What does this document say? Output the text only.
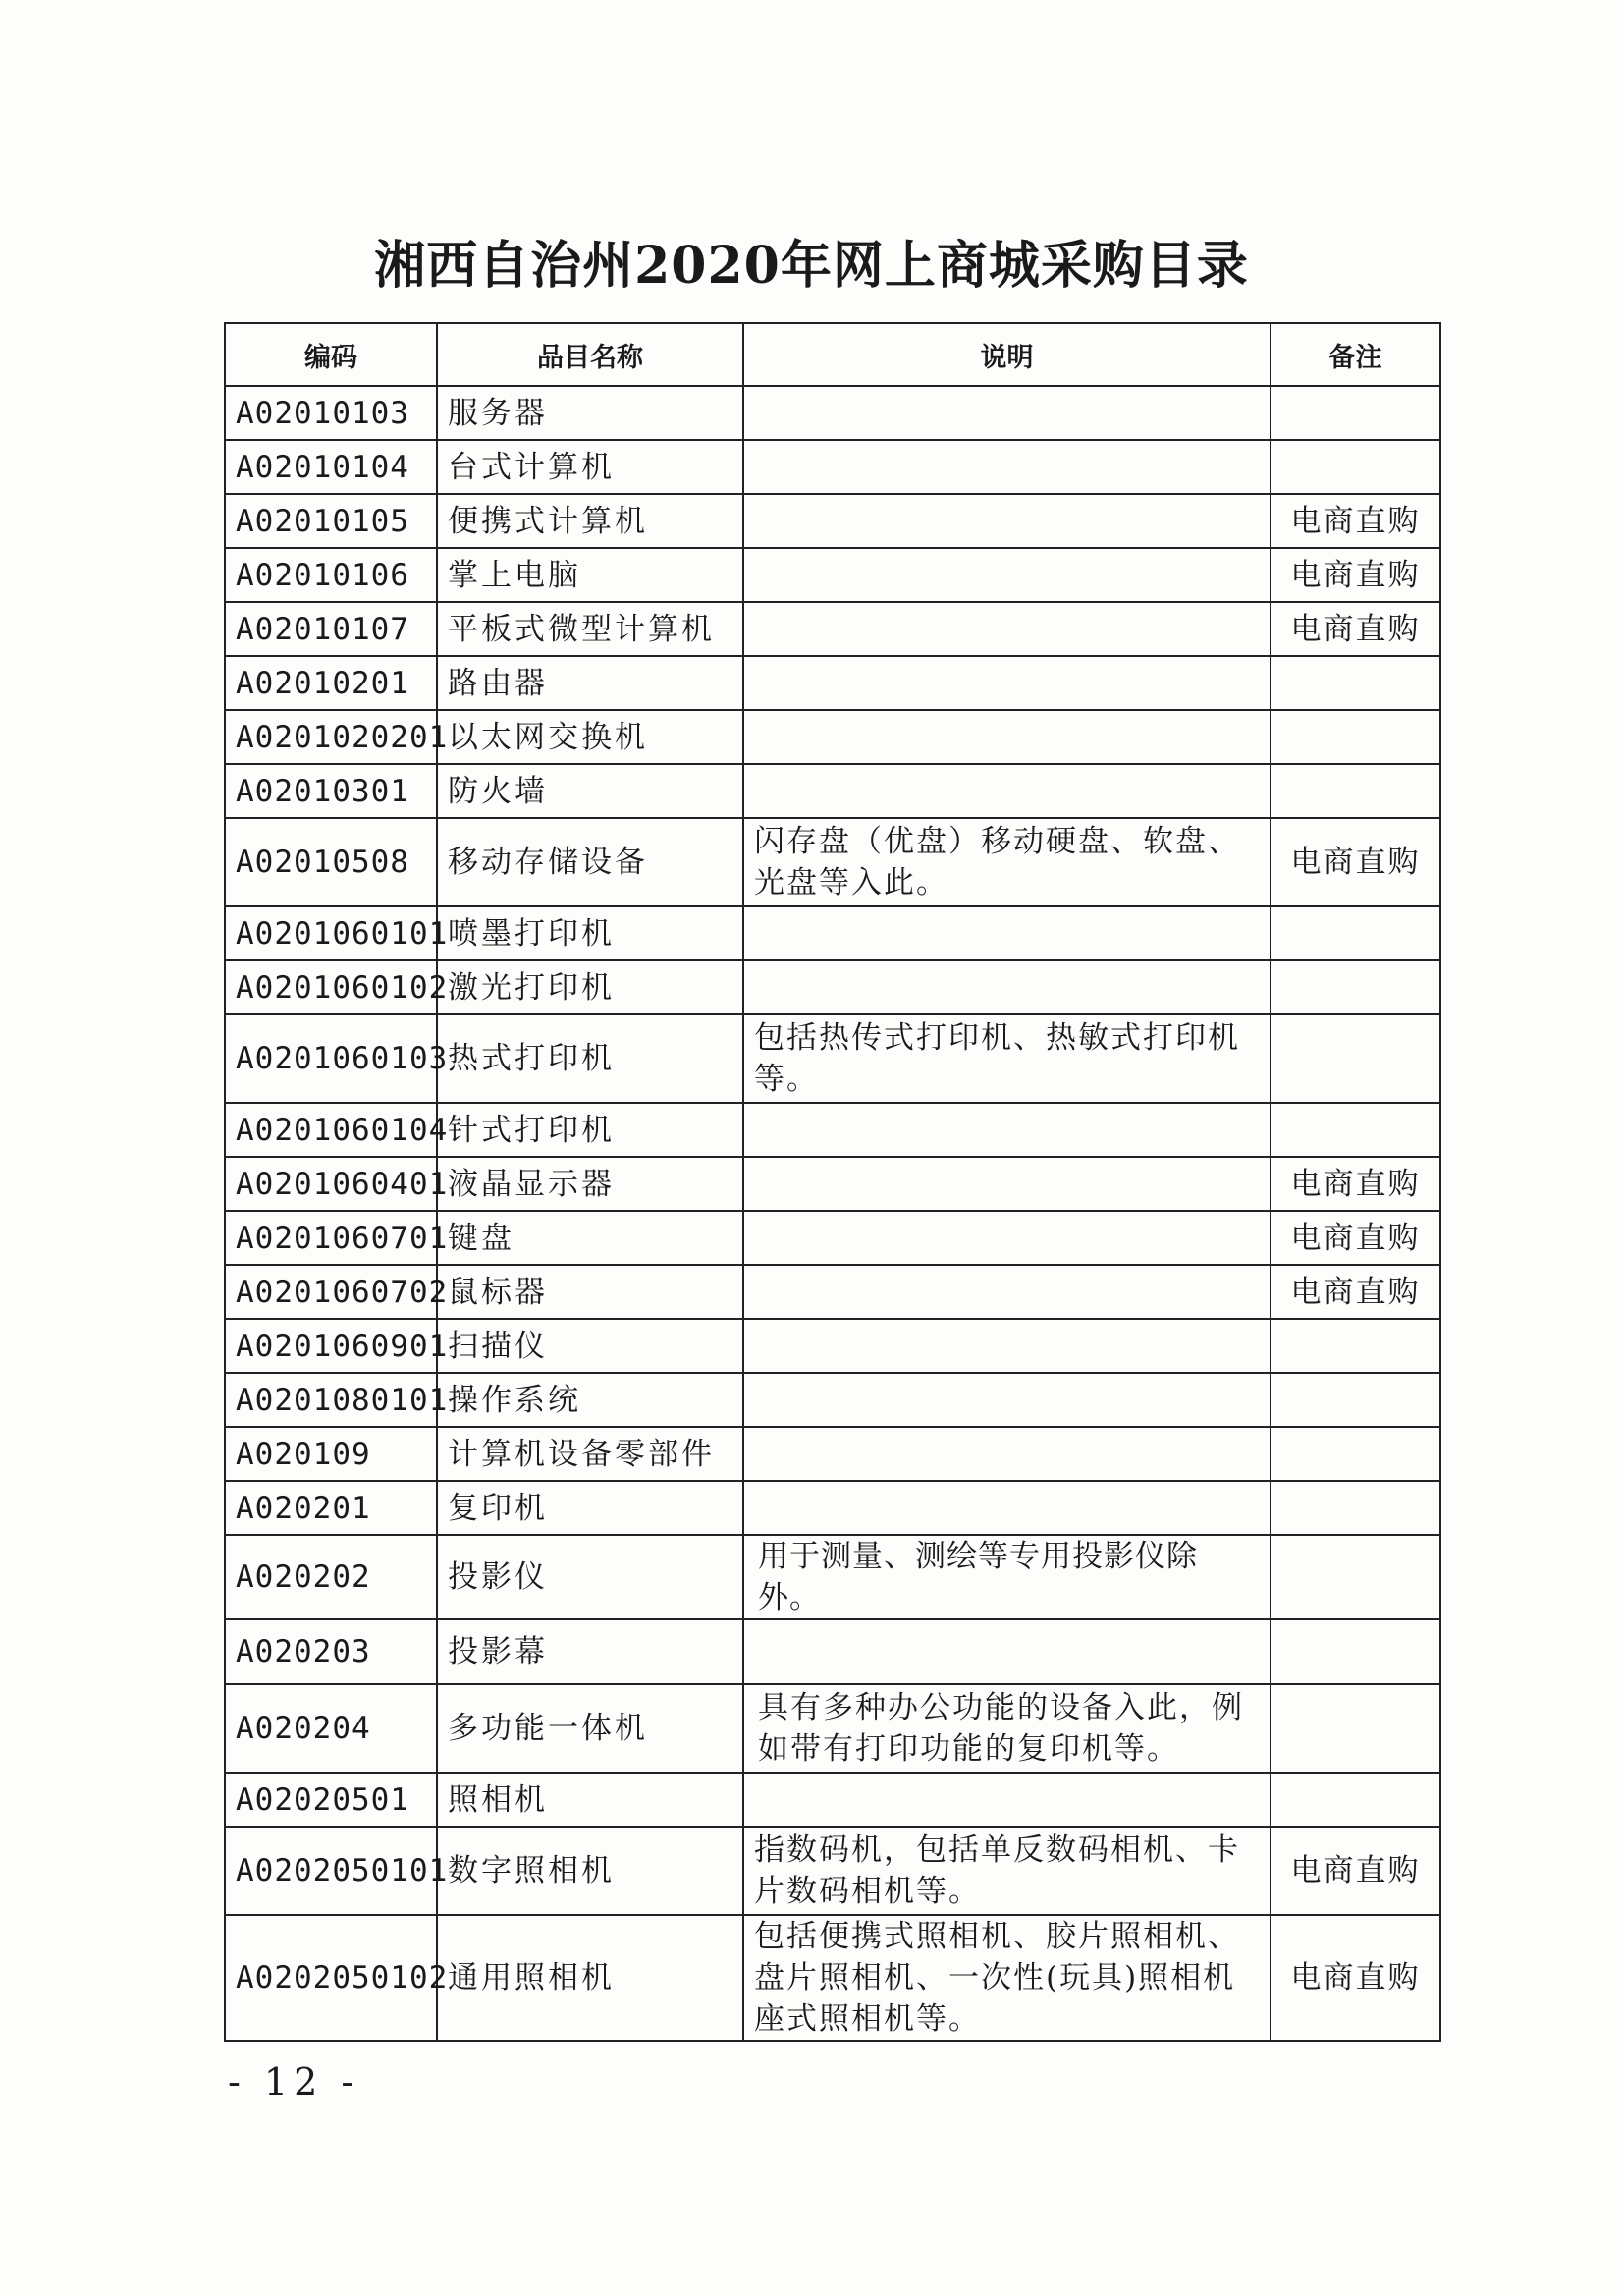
湘西自治州2020年网上商城采购目录
编码	品目名称	说明	备注
A02010103	服务器		
A02010104	台式计算机		
A02010105	便携式计算机		电商直购
A02010106	掌上电脑		电商直购
A02010107	平板式微型计算机		电商直购
A02010201	路由器		
A0201020201	以太网交换机		
A02010301	防火墙		
A02010508	移动存储设备	闪存盘（优盘）移动硬盘、软盘、光盘等入此。	电商直购
A0201060101	喷墨打印机		
A0201060102	激光打印机		
A0201060103	热式打印机	包括热传式打印机、热敏式打印机等。	
A0201060104	针式打印机		
A0201060401	液晶显示器		电商直购
A0201060701	键盘		电商直购
A0201060702	鼠标器		电商直购
A0201060901	扫描仪		
A0201080101	操作系统		
A020109	计算机设备零部件		
A020201	复印机		
A020202	投影仪	用于测量、测绘等专用投影仪除外。	
A020203	投影幕		
A020204	多功能一体机	具有多种办公功能的设备入此，例如带有打印功能的复印机等。	
A02020501	照相机		
A0202050101	数字照相机	指数码机，包括单反数码相机、卡片数码相机等。	电商直购
A0202050102	通用照相机	包括便携式照相机、胶片照相机、盘片照相机、一次性(玩具)照相机座式照相机等。	电商直购
- 12 -
